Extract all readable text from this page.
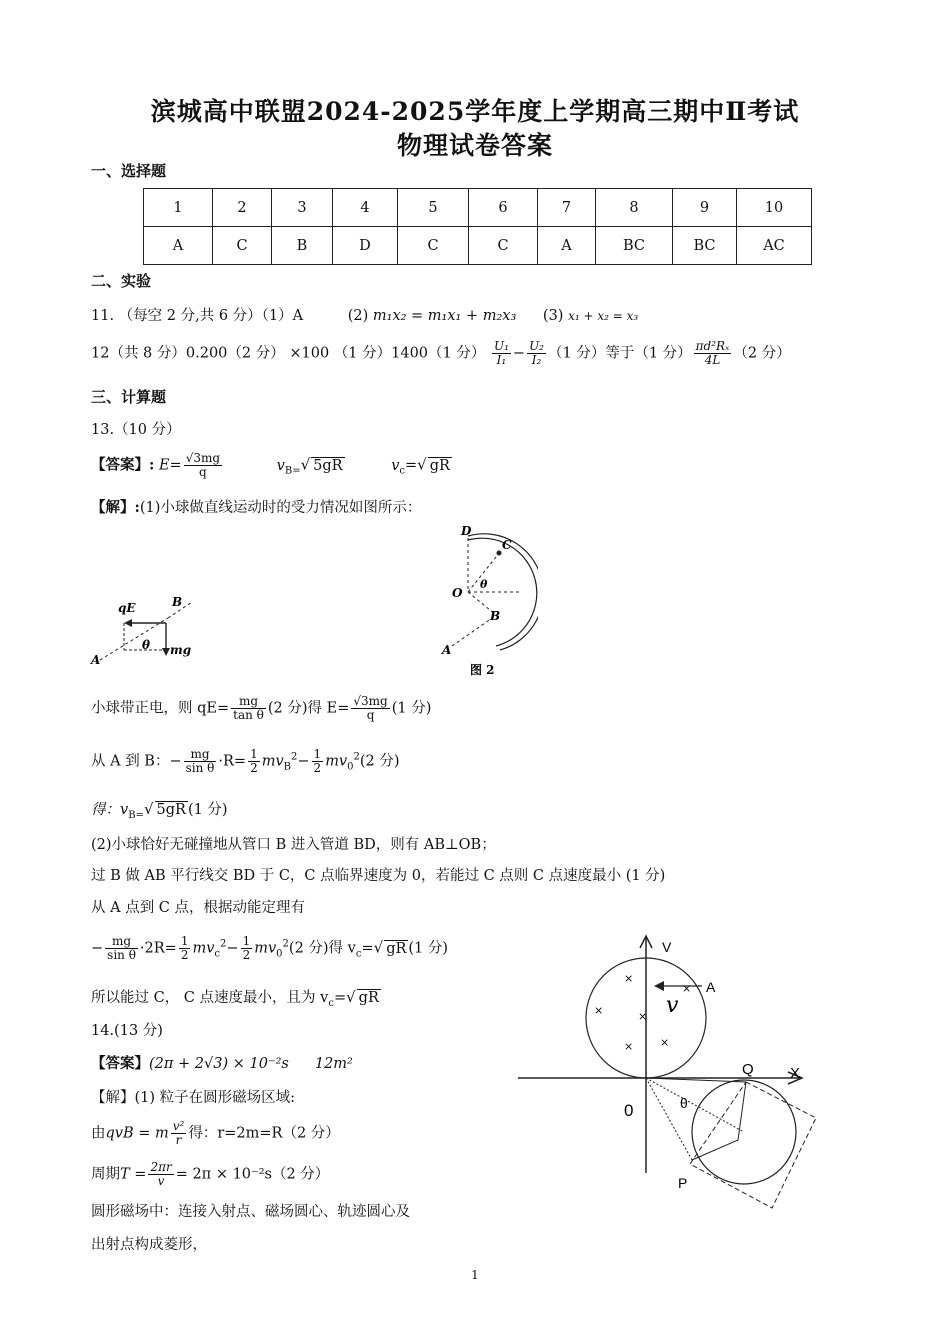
滨城高中联盟2024-2025学年度上学期高三期中Ⅱ考试
物理试卷答案
一、选择题
1	2	3	4	5	6	7	8	9	10
A	C	B	D	C	C	A	BC	BC	AC
二、实验
11. （每空 2 分,共 6 分）（1）A	(2) m₁x₂ = m₁x₁ + m₂x₃ (3) x₁ + x₂ = x₃
12（共 8 分）0.200（2 分） ×100 （1 分）1400（1 分） $\frac{\text{U₁}}{\text{I₁}} - \frac{\text{U₂}}{\text{I₂}} (1$ 分）等于（1 分） $\frac{\text{πd²Rₓ}}{4L} (2$ 分）
三、计算题
13.（10 分）
【答案】: $E= \frac{√3mg}{q}$	$v_{B=}√$ 5gR	$v_c=√$ gR
【解】:(1)小球做直线运动时的受力情况如图所示：
qE	B
θ mg
A
D
C
O
θ
B
A
图 2
小球带正电，则 $qE= \frac{mg}{\text{tan θ}} (2$ 分)得 $E= \frac{√3mg}{q} (1$ 分)
从 A 到 B：− $\frac{mg}{\text{sin θ}} \cdot R= \frac{1}{2} mv_B^2- \frac{1}{2} mv_0^2(2$ 分)
得：$v_{B=}√$ 5gR (1 分)
(2)小球恰好无碰撞地从管口 B 进入管道 BD，则有 AB⊥OB；
过 B 做 AB 平行线交 BD 于 C，C 点临界速度为 0，若能过 C 点则 C 点速度最小 (1 分)
从 A 点到 C 点，根据动能定理有
− $\frac{mg}{\text{sin θ}} \cdot 2R= \frac{1}{2} mv_c^2- \frac{1}{2} mv_0^2(2$ 分)得 $v_c=√$ gR (1 分)
所以能过 C， C 点速度最小，且为 $v_c=√$ gR
14.(13 分)
【答案】(2π + 2√3) × 10⁻²s 12m²
【解】(1) 粒子在圆形磁场区域:
由qvB = m $\frac{\text{v²}}{r}$ 得：r=2m=R（2 分）
周期$T = \frac{2\pi r}{v} = 2\pi \times 10^{-2}s(2$ 分）
圆形磁场中：连接入射点、磁场圆心、轨迹圆心及
出射点构成菱形，
×
×	×
× ×
×
V
X
A
v
Q
0	θ
P
1
